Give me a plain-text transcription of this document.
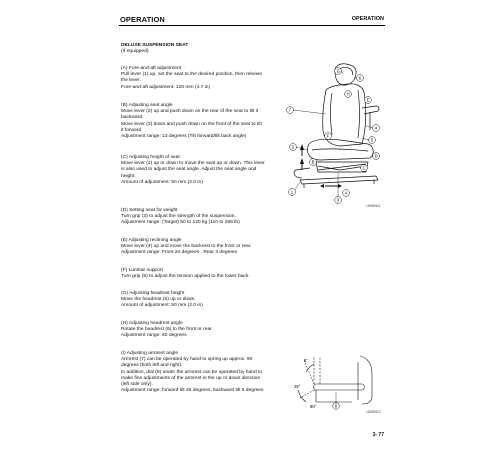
OPERATION	OPERATION

DELUXE SUSPENSION SEAT

(If equipped)

(A) Fore-and-aft adjustment

Pull lever (1) up, set the seat to the desired position, then release

the lever.

Fore-and-aft adjustment: 120 mm (4.7 in)

(B) Adjusting seat angle

Move lever (2) up and push down on the rear of the seat to tilt it

backward.

Move lever (2) down and push down on the front of the seat to tilt

it forward.

Adjustment range: 13 degrees (Tilt forward/tilt back angle)

(C) Adjusting height of seat

Move lever (2) up or down to move the seat up or down. This lever

is also used to adjust the seat angle. Adjust the seat angle and

height.

Amount of adjustment: 50 mm (2.0 in)

(D) Setting seat for weight

Turn grip (3) to adjust the strength of the suspension.

Adjustment range: (Target) 50 to 120 kg (110 to 265 lb)

(E) Adjusting reclining angle

Move lever (4) up and move the backrest to the front or rear.

Adjustment range: Front 24 degrees , Rear 3 degrees

(F) Lumbar support

Turn grip (5) to adjust the tension applied to the lower back.

(G) Adjusting headrest height

Move the headrest (6) up or down.

Amount of adjustment: 50 mm (2.0 in)

(H) Adjusting headrest angle

Rotate the headrest (6) to the front or rear.

Adjustment range: 60 degrees

(I) Adjusting armrest angle

Armrest (7) can be operated by hand to spring up approx. 90

degrees (both left and right).

In addition, dial (8) under the armrest can be operated by hand to

make fine adjustments of the armrest in the up or down direction

(left side only).

Adjustment range: forward tilt 25 degrees, backward tilt 5 degrees

G
6
H
7
E
4
5
F
B
1
2
A
3
C
D
12A99411
5°
25°
90°	8
12A99412
3- 77
